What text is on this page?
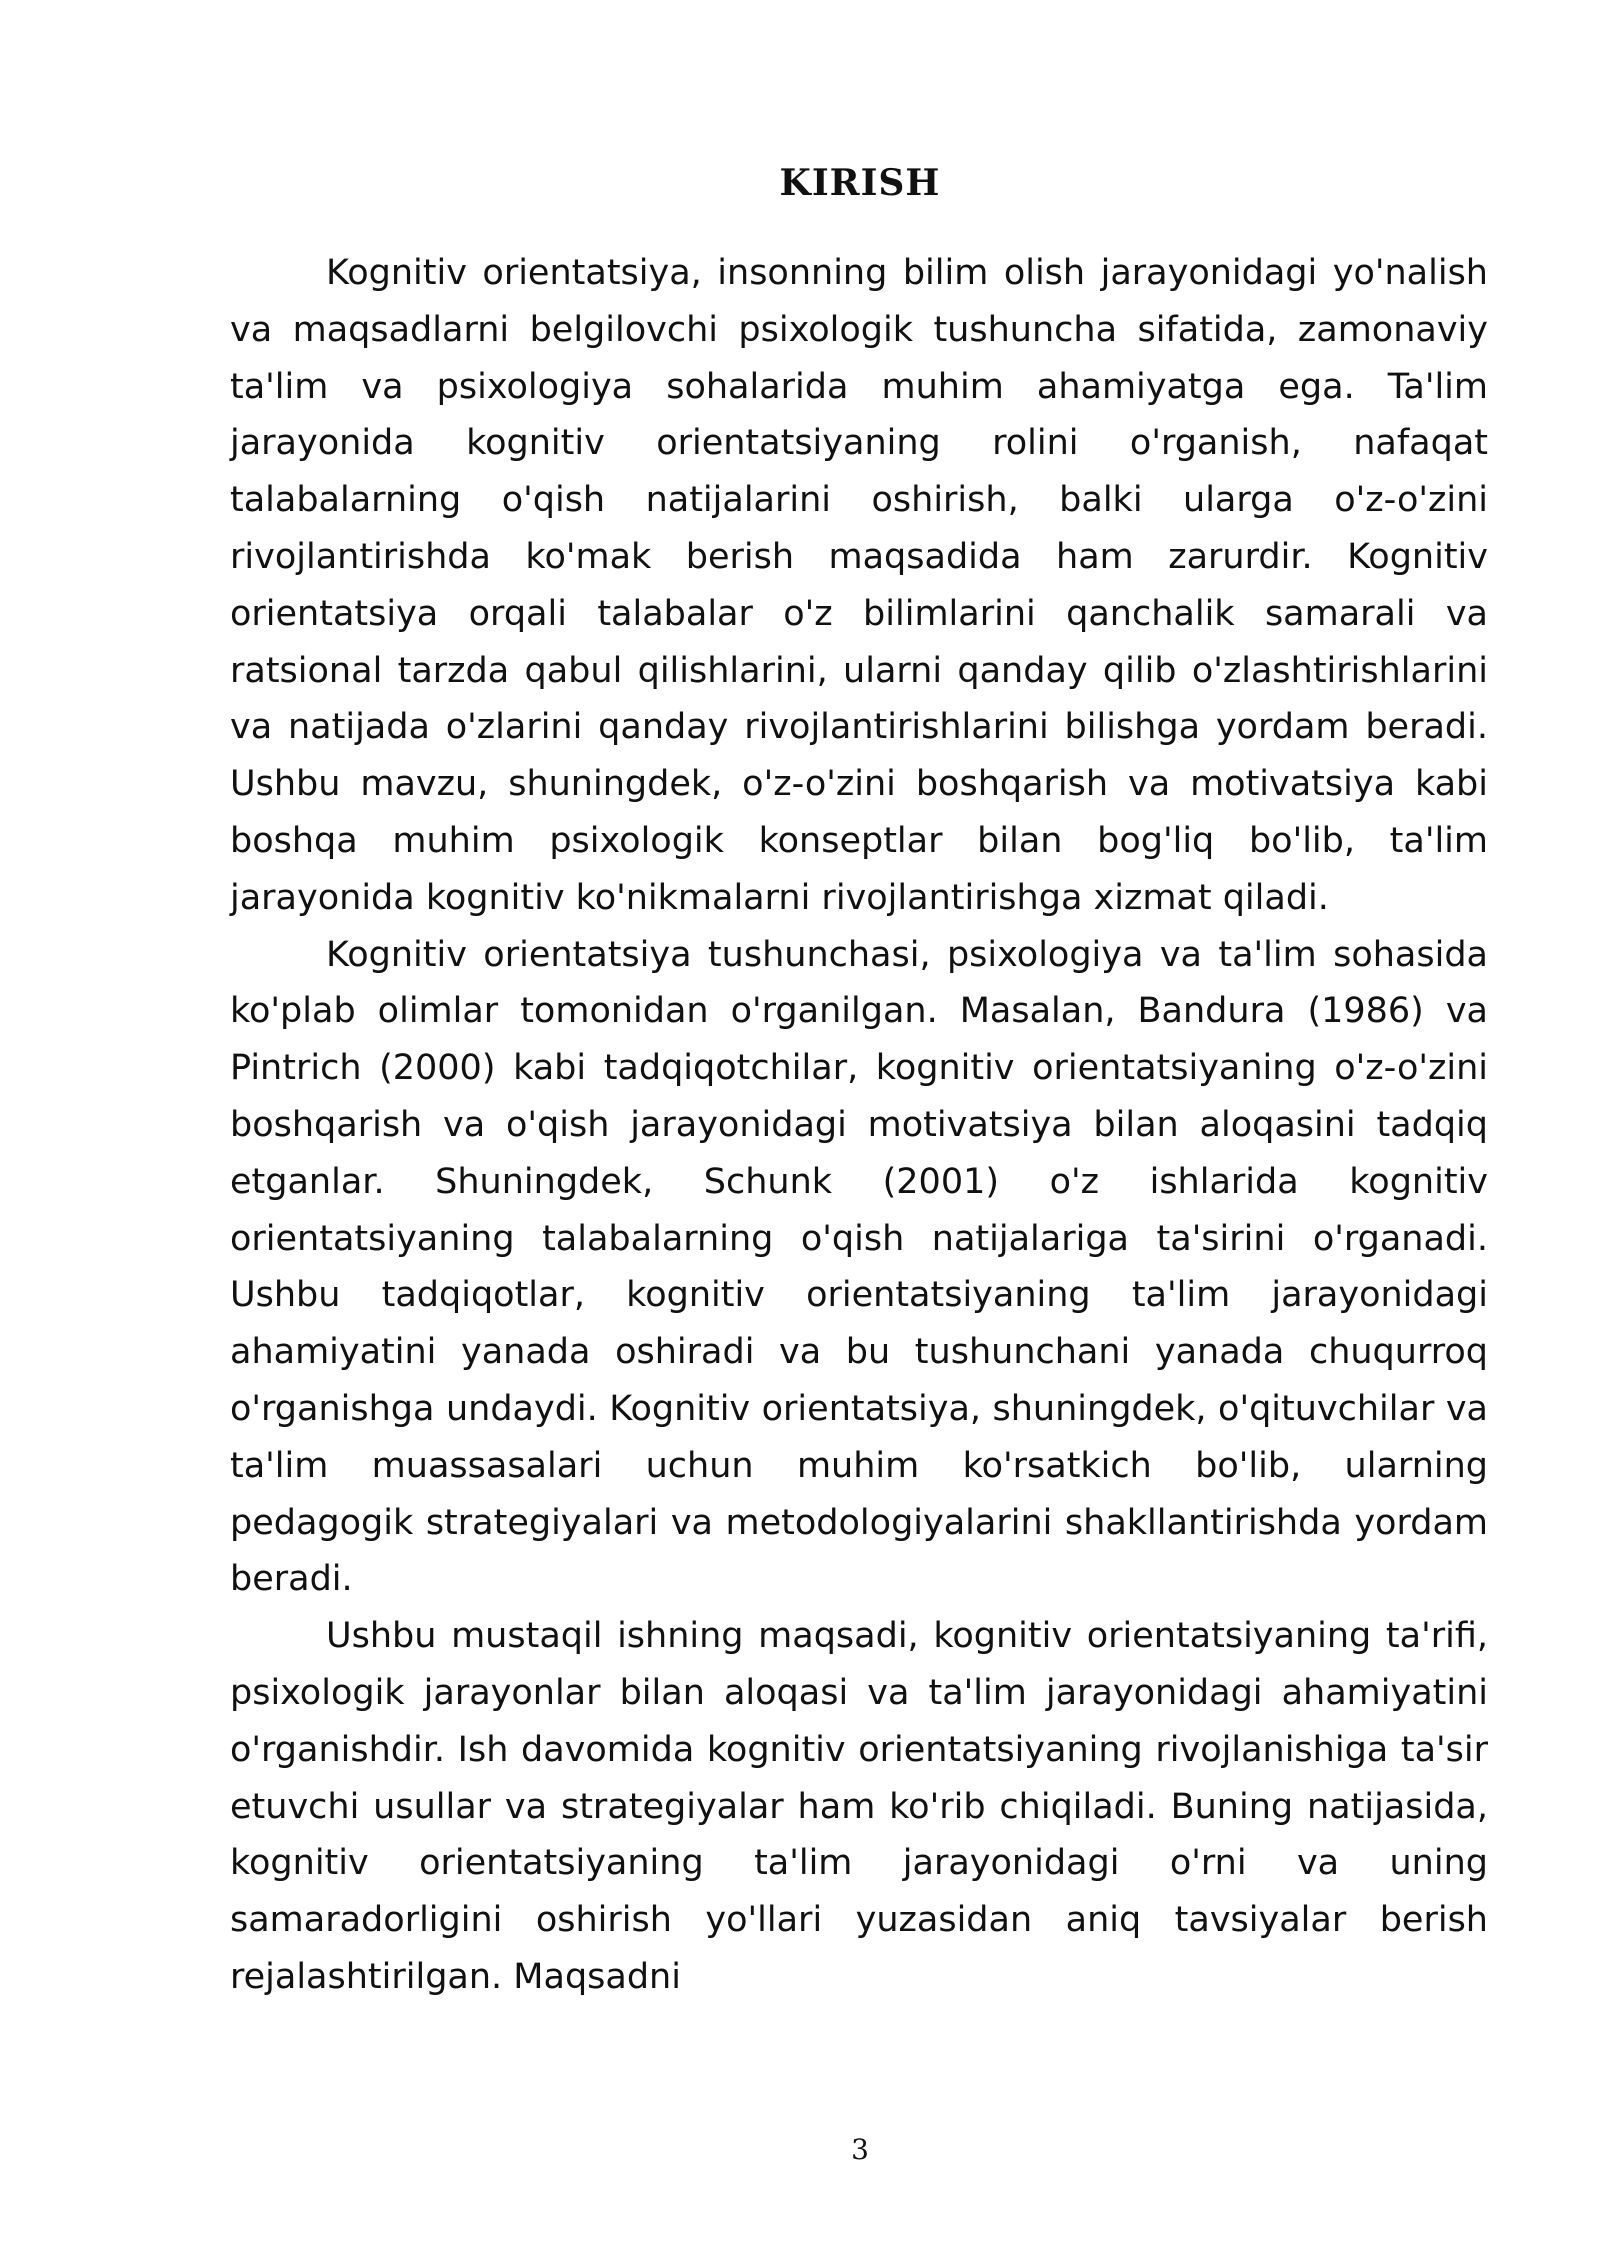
KIRISH

Kognitiv orientatsiya, insonning bilim olish jarayonidagi yo'nalish va maqsadlarni belgilovchi psixologik tushuncha sifatida, zamonaviy ta'lim va psixologiya sohalarida muhim ahamiyatga ega. Ta'lim jarayonida kognitiv orientatsiyaning rolini o'rganish, nafaqat talabalarning o'qish natijalarini oshirish, balki ularga o'z-o'zini rivojlantirishda ko'mak berish maqsadida ham zarurdir. Kognitiv orientatsiya orqali talabalar o'z bilimlarini qanchalik samarali va ratsional tarzda qabul qilishlarini, ularni qanday qilib o'zlashtirishlarini va natijada o'zlarini qanday rivojlantirishlarini bilishga yordam beradi. Ushbu mavzu, shuningdek, o'z-o'zini boshqarish va motivatsiya kabi boshqa muhim psixologik konseptlar bilan bog'liq bo'lib, ta'lim jarayonida kognitiv ko'nikmalarni rivojlantirishga xizmat qiladi.

Kognitiv orientatsiya tushunchasi, psixologiya va ta'lim sohasida ko'plab olimlar tomonidan o'rganilgan. Masalan, Bandura (1986) va Pintrich (2000) kabi tadqiqotchilar, kognitiv orientatsiyaning o'z-o'zini boshqarish va o'qish jarayonidagi motivatsiya bilan aloqasini tadqiq etganlar. Shuningdek, Schunk (2001) o'z ishlarida kognitiv orientatsiyaning talabalarning o'qish natijalariga ta'sirini o'rganadi. Ushbu tadqiqotlar, kognitiv orientatsiyaning ta'lim jarayonidagi ahamiyatini yanada oshiradi va bu tushunchani yanada chuqurroq o'rganishga undaydi. Kognitiv orientatsiya, shuningdek, o'qituvchilar va ta'lim muassasalari uchun muhim ko'rsatkich bo'lib, ularning pedagogik strategiyalari va metodologiyalarini shakllantirishda yordam beradi.

Ushbu mustaqil ishning maqsadi, kognitiv orientatsiyaning ta'rifi, psixologik jarayonlar bilan aloqasi va ta'lim jarayonidagi ahamiyatini o'rganishdir. Ish davomida kognitiv orientatsiyaning rivojlanishiga ta'sir etuvchi usullar va strategiyalar ham ko'rib chiqiladi. Buning natijasida, kognitiv orientatsiyaning ta'lim jarayonidagi o'rni va uning samaradorligini oshirish yo'llari yuzasidan aniq tavsiyalar berish rejalashtirilgan. Maqsadni

3
